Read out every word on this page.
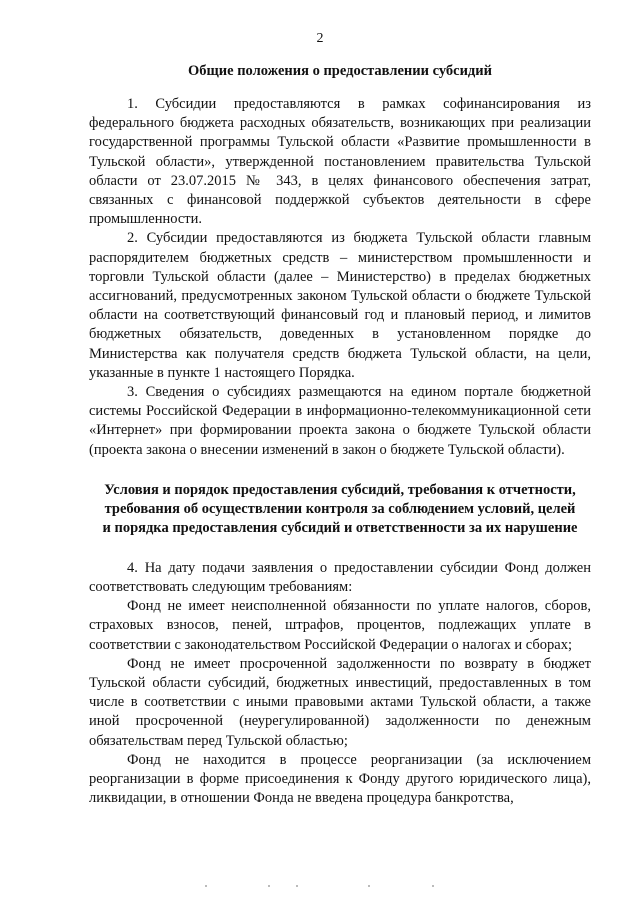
2

Общие положения о предоставлении субсидий

1. Субсидии предоставляются в рамках софинансирования из федерального бюджета расходных обязательств, возникающих при реализации государственной программы Тульской области «Развитие промышленности в Тульской области», утвержденной постановлением правительства Тульской области от 23.07.2015 № 343, в целях финансового обеспечения затрат, связанных с финансовой поддержкой субъектов деятельности в сфере промышленности.

2. Субсидии предоставляются из бюджета Тульской области главным распорядителем бюджетных средств – министерством промышленности и торговли Тульской области (далее – Министерство) в пределах бюджетных ассигнований, предусмотренных законом Тульской области о бюджете Тульской области на соответствующий финансовый год и плановый период, и лимитов бюджетных обязательств, доведенных в установленном порядке до Министерства как получателя средств бюджета Тульской области, на цели, указанные в пункте 1 настоящего Порядка.

3. Сведения о субсидиях размещаются на едином портале бюджетной системы Российской Федерации в информационно-телекоммуникационной сети «Интернет» при формировании проекта закона о бюджете Тульской области (проекта закона о внесении изменений в закон о бюджете Тульской области).

Условия и порядок предоставления субсидий, требования к отчетности,
требования об осуществлении контроля за соблюдением условий, целей
и порядка предоставления субсидий и ответственности за их нарушение

4. На дату подачи заявления о предоставлении субсидии Фонд должен соответствовать следующим требованиям:

Фонд не имеет неисполненной обязанности по уплате налогов, сборов, страховых взносов, пеней, штрафов, процентов, подлежащих уплате в соответствии с законодательством Российской Федерации о налогах и сборах;

Фонд не имеет просроченной задолженности по возврату в бюджет Тульской области субсидий, бюджетных инвестиций, предоставленных в том числе в соответствии с иными правовыми актами Тульской области, а также иной просроченной (неурегулированной) задолженности по денежным обязательствам перед Тульской областью;

Фонд не находится в процессе реорганизации (за исключением реорганизации в форме присоединения к Фонду другого юридического лица), ликвидации, в отношении Фонда не введена процедура банкротства,
